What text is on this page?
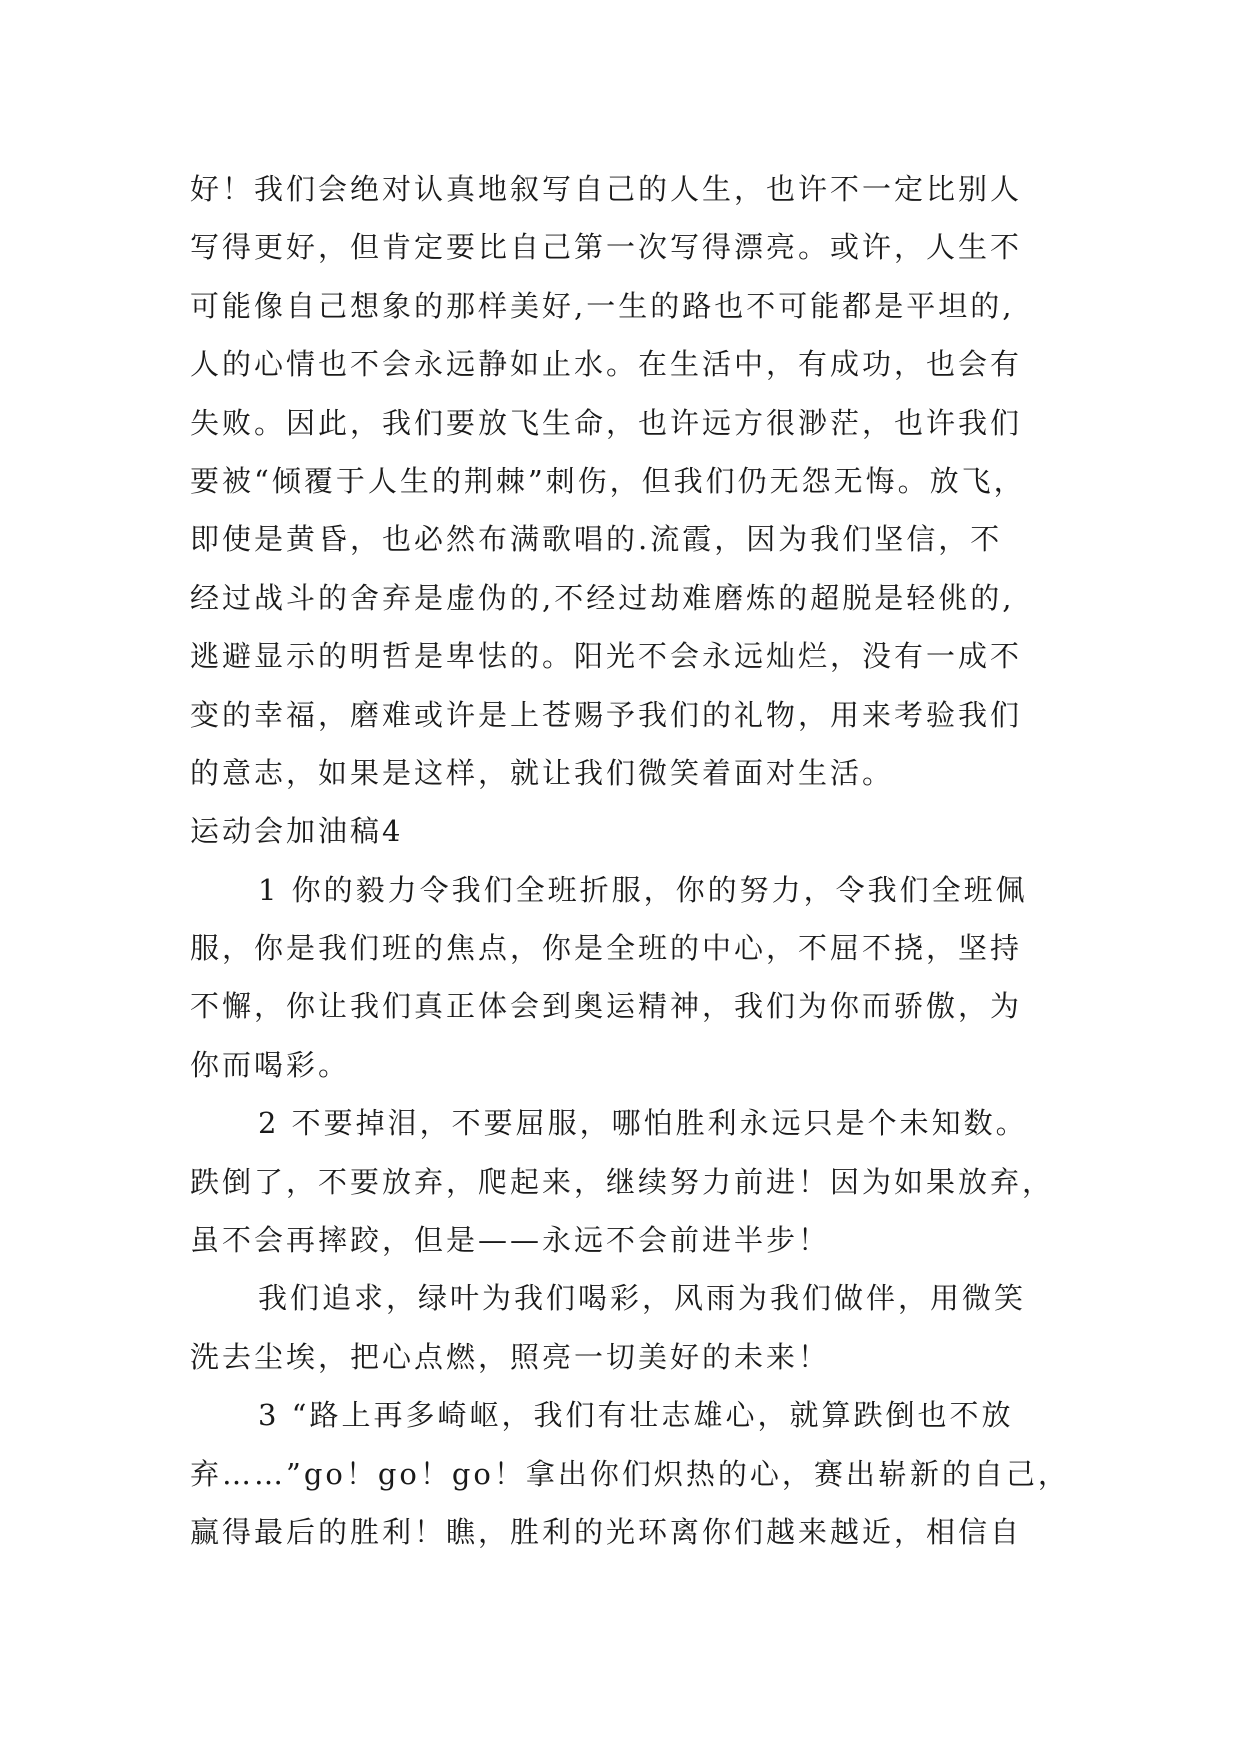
好！我们会绝对认真地叙写自己的人生，也许不一定比别人
写得更好，但肯定要比自己第一次写得漂亮。或许，人生不
可能像自己想象的那样美好,一生的路也不可能都是平坦的,
人的心情也不会永远静如止水。在生活中，有成功，也会有
失败。因此，我们要放飞生命，也许远方很渺茫，也许我们
要被“倾覆于人生的荆棘”刺伤，但我们仍无怨无悔。放飞，
即使是黄昏，也必然布满歌唱的.流霞，因为我们坚信，不
经过战斗的舍弃是虚伪的,不经过劫难磨炼的超脱是轻佻的,
逃避显示的明哲是卑怯的。阳光不会永远灿烂，没有一成不
变的幸福，磨难或许是上苍赐予我们的礼物，用来考验我们
的意志，如果是这样，就让我们微笑着面对生活。
运动会加油稿4
1 你的毅力令我们全班折服，你的努力，令我们全班佩
服，你是我们班的焦点，你是全班的中心，不屈不挠，坚持
不懈，你让我们真正体会到奥运精神，我们为你而骄傲，为
你而喝彩。
2 不要掉泪，不要屈服，哪怕胜利永远只是个未知数。
跌倒了，不要放弃，爬起来，继续努力前进！因为如果放弃，
虽不会再摔跤，但是——永远不会前进半步！
我们追求，绿叶为我们喝彩，风雨为我们做伴，用微笑
洗去尘埃，把心点燃，照亮一切美好的未来！
3 “路上再多崎岖，我们有壮志雄心，就算跌倒也不放
弃……”go！go！go！拿出你们炽热的心，赛出崭新的自己，
赢得最后的胜利！瞧，胜利的光环离你们越来越近，相信自
